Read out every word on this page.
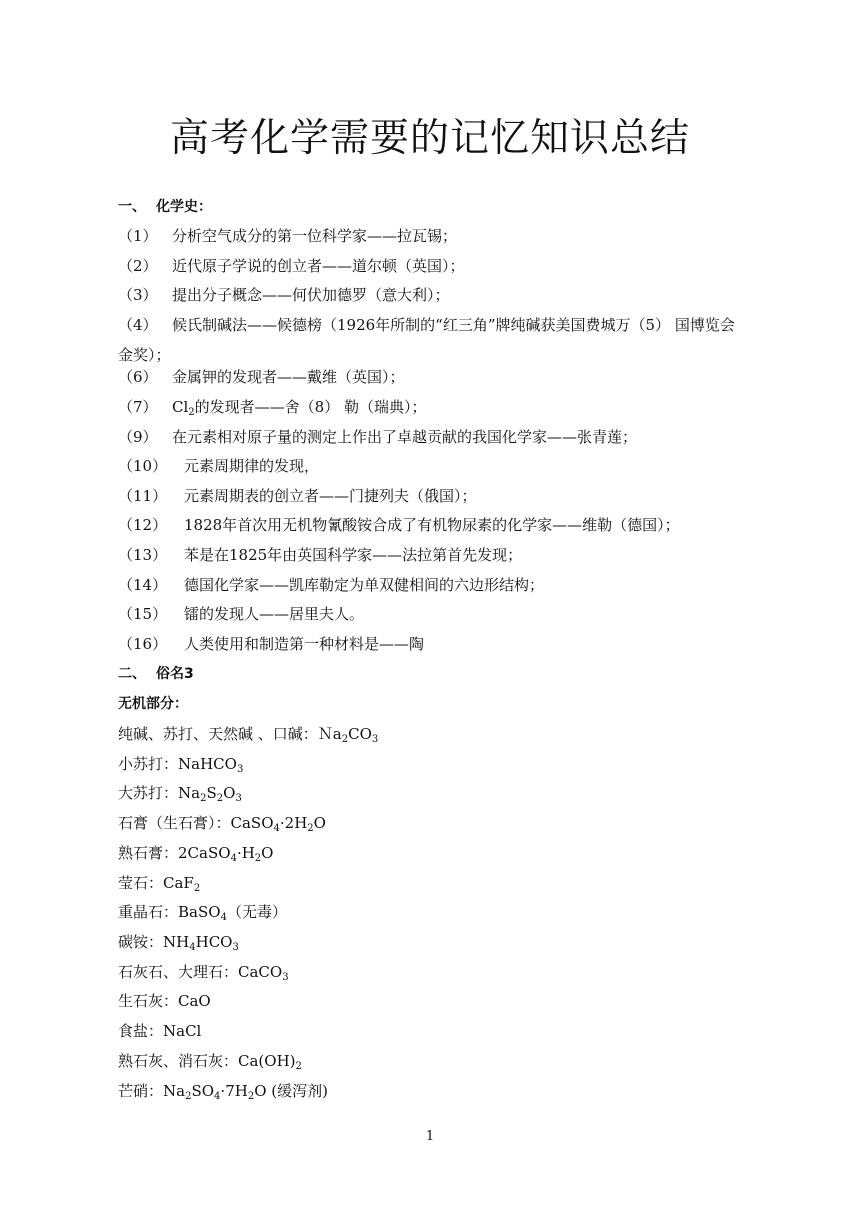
高考化学需要的记忆知识总结
一、 化学史：
（1） 分析空气成分的第一位科学家——拉瓦锡；
（2） 近代原子学说的创立者——道尔顿（英国）；
（3） 提出分子概念——何伏加德罗（意大利）；
（4） 候氏制碱法——候德榜（1926年所制的“红三角”牌纯碱获美国费城万（5） 国博览会金奖）；
（6） 金属钾的发现者——戴维（英国）；
（7） $Cl_2$的发现者——舍（8） 勒（瑞典）；
（9） 在元素相对原子量的测定上作出了卓越贡献的我国化学家——张青莲；
（10） 元素周期律的发现，
（11） 元素周期表的创立者——门捷列夫（俄国）；
（12） 1828年首次用无机物氰酸铵合成了有机物尿素的化学家——维勒（德国）；
（13） 苯是在1825年由英国科学家——法拉第首先发现；
（14） 德国化学家——凯库勒定为单双健相间的六边形结构；
（15） 镭的发现人——居里夫人。
（16） 人类使用和制造第一种材料是——陶
二、 俗名3
无机部分：
纯碱、苏打、天然碱 、口碱：$Na_2CO_3$
小苏打：NaHCO$_3$
大苏打：$Na_2S_2O_3$
石膏（生石膏）：$CaSO_4\cdot 2H_2O$
熟石膏：$2CaSO_4\cdot H_2O$
莹石：CaF$_2$
重晶石：BaSO$_4$（无毒）
碳铵：$NH_4HCO_3$
石灰石、大理石：CaCO$_3$
生石灰：CaO
食盐：NaCl
熟石灰、消石灰：$Ca(OH)_2$
芒硝：$Na_2SO_4\cdot 7H_2O$ (缓泻剂)
1
